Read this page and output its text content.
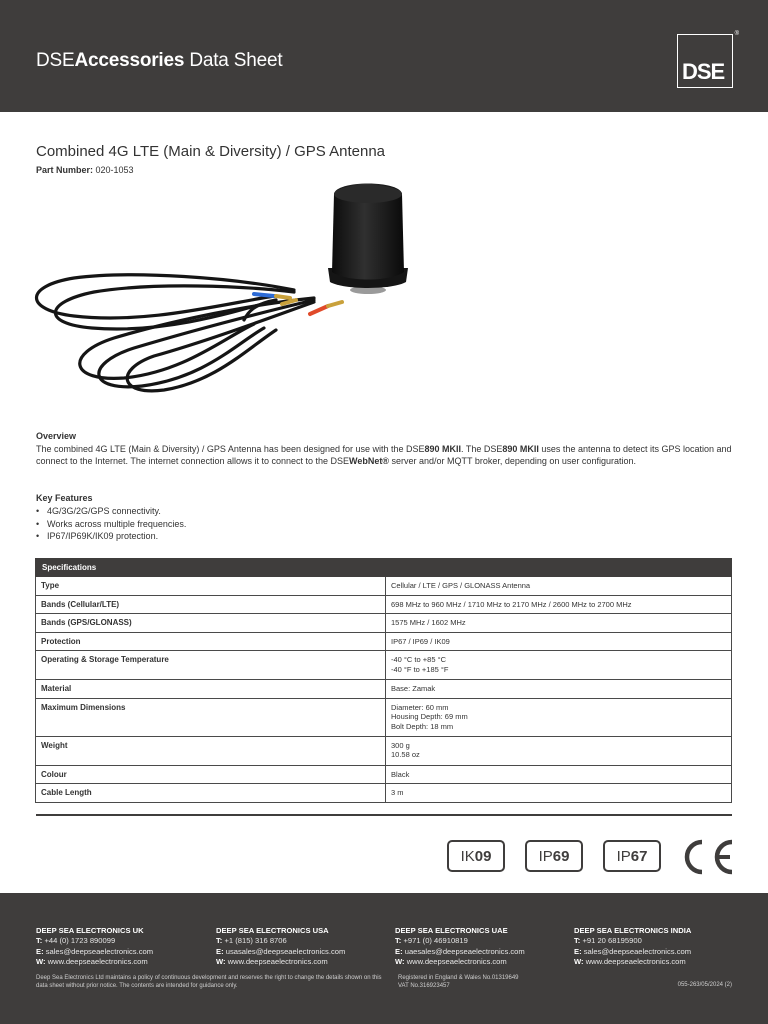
DSEAccessories Data Sheet	DSE
®
Combined 4G LTE (Main & Diversity) / GPS Antenna
Part Number: 020-1053
Overview

The combined 4G LTE (Main & Diversity) / GPS Antenna has been designed for use with the DSE890 MKII. The DSE890 MKII uses the antenna to detect its GPS location and connect to the Internet. The internet connection allows it to connect to the DSEWebNet® server and/or MQTT broker, depending on user configuration.

Key Features
• 4G/3G/2G/GPS connectivity.
• Works across multiple frequencies.
• IP67/IP69K/IK09 protection.
Specifications	
Type	Cellular / LTE / GPS / GLONASS Antenna
Bands (Cellular/LTE)	698 MHz to 960 MHz / 1710 MHz to 2170 MHz / 2600 MHz to 2700 MHz
Bands (GPS/GLONASS)	1575 MHz / 1602 MHz
Protection	IP67 / IP69 / IK09
Operating & Storage Temperature	-40 °C to +85 °C
-40 °F to +185 °F

Material	Base: Zamak
Maximum Dimensions	Diameter: 60 mm
Housing Depth: 69 mm
Bolt Depth: 18 mm

Weight	300 g
10.58 oz

Colour	Black
Cable Length	3 m
IK 09	IP 69	IP 67
DEEP SEA ELECTRONICS UK
T: +44 (0) 1723 890099
E: sales@deepseaelectronics.com
W: www.deepseaelectronics.com
DEEP SEA ELECTRONICS USA
T: +1 (815) 316 8706
E: usasales@deepseaelectronics.com
W: www.deepseaelectronics.com
DEEP SEA ELECTRONICS UAE
T: +971 (0) 46910819
E: uaesales@deepseaelectronics.com
W: www.deepseaelectronics.com
DEEP SEA ELECTRONICS INDIA
T: +91 20 68195900
E: sales@deepseaelectronics.com
W: www.deepseaelectronics.com
Deep Sea Electronics Ltd maintains a policy of continuous development and reserves the right to change the details shown on this data sheet without prior notice. The contents are intended for guidance only.
Registered in England & Wales No.01319649
VAT No.316923457	055-263/05/2024 (2)
